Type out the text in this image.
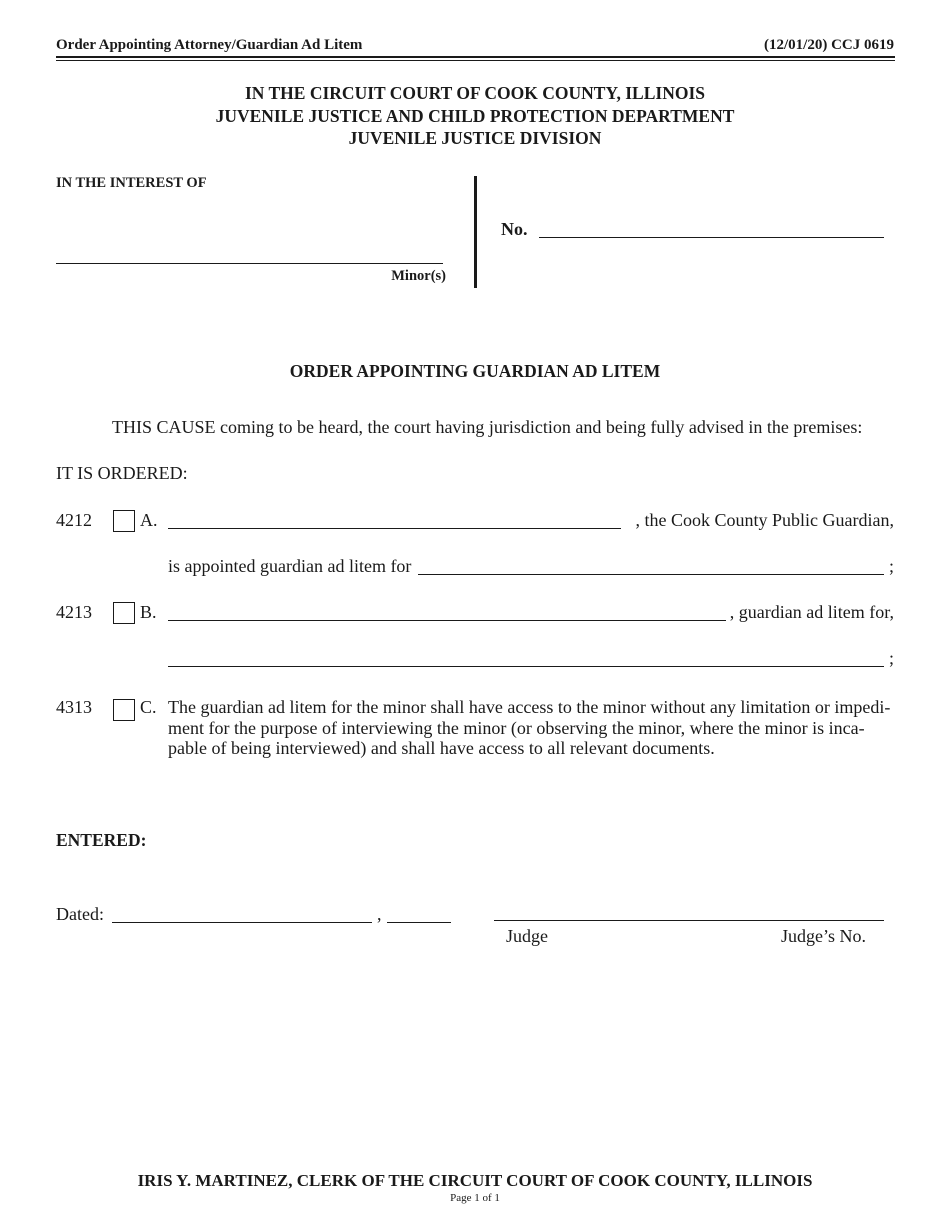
Order Appointing Attorney/Guardian Ad Litem	(12/01/20) CCJ 0619
IN THE CIRCUIT COURT OF COOK COUNTY, ILLINOIS
JUVENILE JUSTICE AND CHILD PROTECTION DEPARTMENT
JUVENILE JUSTICE DIVISION
IN THE INTEREST OF
Minor(s)
No.
ORDER APPOINTING GUARDIAN AD LITEM
THIS CAUSE coming to be heard, the court having jurisdiction and being fully advised in the premises:
IT IS ORDERED:
4212	A.	, the Cook County Public Guardian,
is appointed guardian ad litem for	;
4213	B.	, guardian ad litem for,
;
4313	C. The guardian ad litem for the minor shall have access to the minor without any limitation or impedi-
ment for the purpose of interviewing the minor (or observing the minor, where the minor is inca-
pable of being interviewed) and shall have access to all relevant documents.
ENTERED:
Dated:	,
Judge	Judge’s No.
IRIS Y. MARTINEZ, CLERK OF THE CIRCUIT COURT OF COOK COUNTY, ILLINOIS
Page 1 of 1
